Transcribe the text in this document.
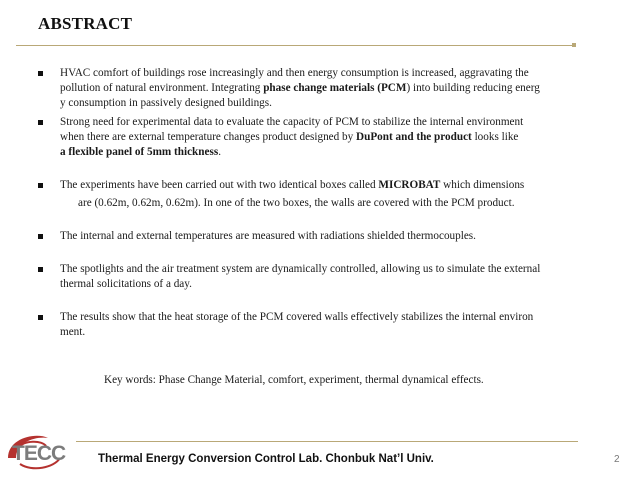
ABSTRACT
HVAC comfort of buildings rose increasingly and then energy consumption is increased, aggravating the
pollution of natural environment. Integrating phase change materials (PCM) into building reducing energ
y consumption in passively designed buildings.
Strong need for experimental data to evaluate the capacity of PCM to stabilize the internal environment
when there are external temperature changes product designed by DuPont and the product looks like
a flexible panel of 5mm thickness.
The experiments have been carried out with two identical boxes called MICROBAT which dimensions

are (0.62m, 0.62m, 0.62m). In one of the two boxes, the walls are covered with the PCM product.
The internal and external temperatures are measured with radiations shielded thermocouples.
The spotlights and the air treatment system are dynamically controlled, allowing us to simulate the external
thermal solicitations of a day.
The results show that the heat storage of the PCM covered walls effectively stabilizes the internal environ
ment.
Key words: Phase Change Material, comfort, experiment, thermal dynamical effects.
TECC	Thermal Energy Conversion Control Lab. Chonbuk Nat’l Univ.	2
